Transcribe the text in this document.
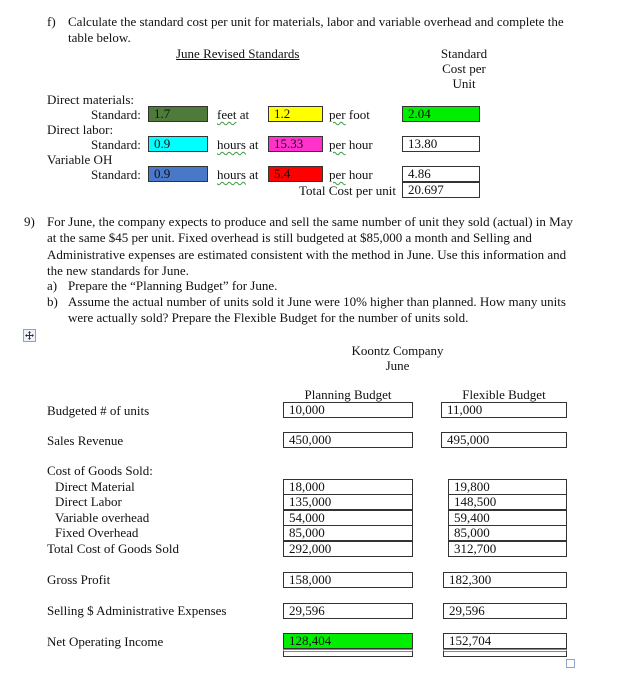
f) Calculate the standard cost per unit for materials, labor and variable overhead and complete the
table below.
June Revised Standards	Standard
Cost per
Unit
Direct materials:
Standard:	1.7	feet at	1.2	per foot	2.04
Direct labor:
Standard:	0.9	hours at	15.33	per hour	13.80
Variable OH
Standard:	0.9	hours at	5.4	per hour	4.86
Total Cost per unit 20.697
9) For June, the company expects to produce and sell the same number of unit they sold (actual) in May
at the same $45 per unit. Fixed overhead is still budgeted at $85,000 a month and Selling and
Administrative expenses are estimated consistent with the method in June. Use this information and
the new standards for June.
a) Prepare the “Planning Budget” for June.
b) Assume the actual number of units sold it June were 10% higher than planned. How many units
were actually sold? Prepare the Flexible Budget for the number of units sold.
Koontz Company
June
Planning Budget	Flexible Budget
Budgeted # of units	10,000	11,000
Sales Revenue	450,000	495,000
Cost of Goods Sold:
Direct Material	18,000	19,800
Direct Labor	135,000	148,500
Variable overhead	54,000	59,400
Fixed Overhead	85,000	85,000
Total Cost of Goods Sold	292,000	312,700
Gross Profit	158,000	182,300
Selling $ Administrative Expenses	29,596	29,596
Net Operating Income	128,404	152,704
